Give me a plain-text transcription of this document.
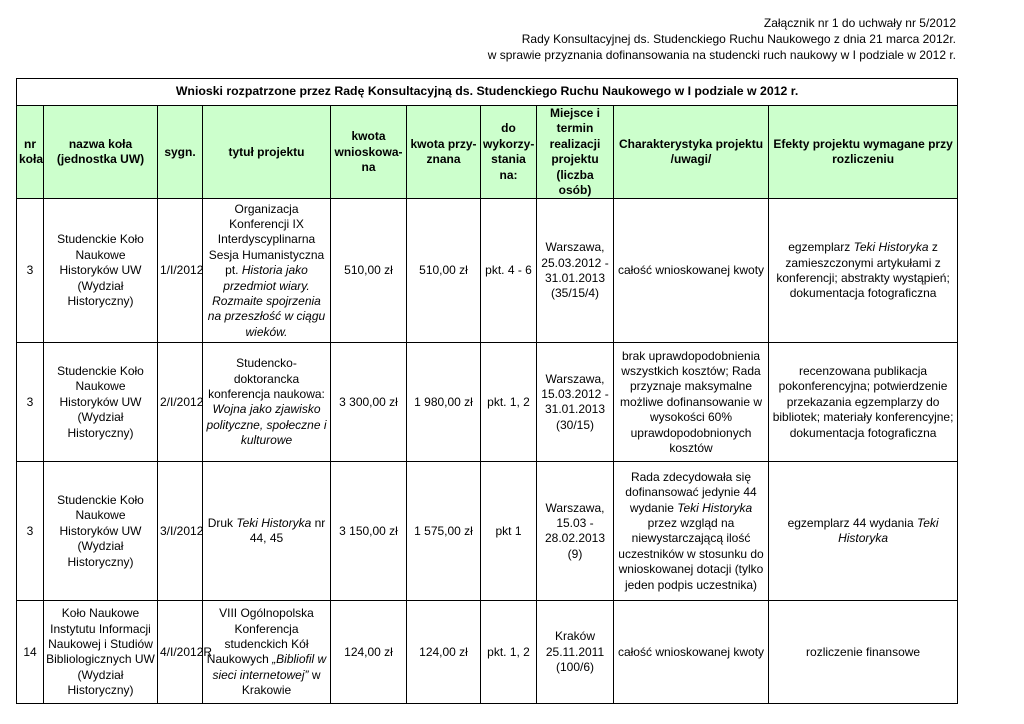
Załącznik nr 1 do uchwały nr 5/2012
Rady Konsultacyjnej ds. Studenckiego Ruchu Naukowego z dnia 21 marca 2012r.
w sprawie przyznania dofinansowania na studencki ruch naukowy w I podziale w 2012 r.
Wnioski rozpatrzone przez Radę Konsultacyjną ds. Studenckiego Ruchu Naukowego w I podziale w 2012 r.									
nr koła	nazwa koła (jednostka UW)	sygn.	tytuł projektu	kwota wnioskowa-na	kwota przy-znana	do wykorzy-stania na:	Miejsce i termin realizacji projektu (liczba osób)	Charakterystyka projektu /uwagi/	Efekty projektu wymagane przy rozliczeniu
3	Studenckie Koło Naukowe Historyków UW (Wydział Historyczny)	1/I/2012	Organizacja Konferencji IX Interdyscyplinarna Sesja Humanistyczna pt. Historia jako przedmiot wiary. Rozmaite spojrzenia na przeszłość w ciągu wieków.	510,00 zł	510,00 zł	pkt. 4 - 6	Warszawa, 25.03.2012 - 31.01.2013 (35/15/4)	całość wnioskowanej kwoty	egzemplarz Teki Historyka z zamieszczonymi artykułami z konferencji; abstrakty wystąpień; dokumentacja fotograficzna
3	Studenckie Koło Naukowe Historyków UW (Wydział Historyczny)	2/I/2012	Studencko-doktorancka konferencja naukowa: Wojna jako zjawisko polityczne, społeczne i kulturowe	3 300,00 zł	1 980,00 zł	pkt. 1, 2	Warszawa, 15.03.2012 - 31.01.2013 (30/15)	brak uprawdopodobnienia wszystkich kosztów; Rada przyznaje maksymalne możliwe dofinansowanie w wysokości 60% uprawdopodobnionych kosztów	recenzowana publikacja pokonferencyjna; potwierdzenie przekazania egzemplarzy do bibliotek; materiały konferencyjne; dokumentacja fotograficzna
3	Studenckie Koło Naukowe Historyków UW (Wydział Historyczny)	3/I/2012	Druk Teki Historyka nr 44, 45	3 150,00 zł	1 575,00 zł	pkt 1	Warszawa, 15.03 - 28.02.2013 (9)	Rada zdecydowała się dofinansować jedynie 44 wydanie Teki Historyka przez wzgląd na niewystarczającą ilość uczestników w stosunku do wnioskowanej dotacji (tylko jeden podpis uczestnika)	egzemplarz 44 wydania Teki Historyka
14	Koło Naukowe Instytutu Informacji Naukowej i Studiów Bibliologicznych UW (Wydział Historyczny)	4/I/2012R	VIII Ogólnopolska Konferencja studenckich Kół Naukowych „Bibliofil w sieci internetowej” w Krakowie	124,00 zł	124,00 zł	pkt. 1, 2	Kraków 25.11.2011 (100/6)	całość wnioskowanej kwoty	rozliczenie finansowe
